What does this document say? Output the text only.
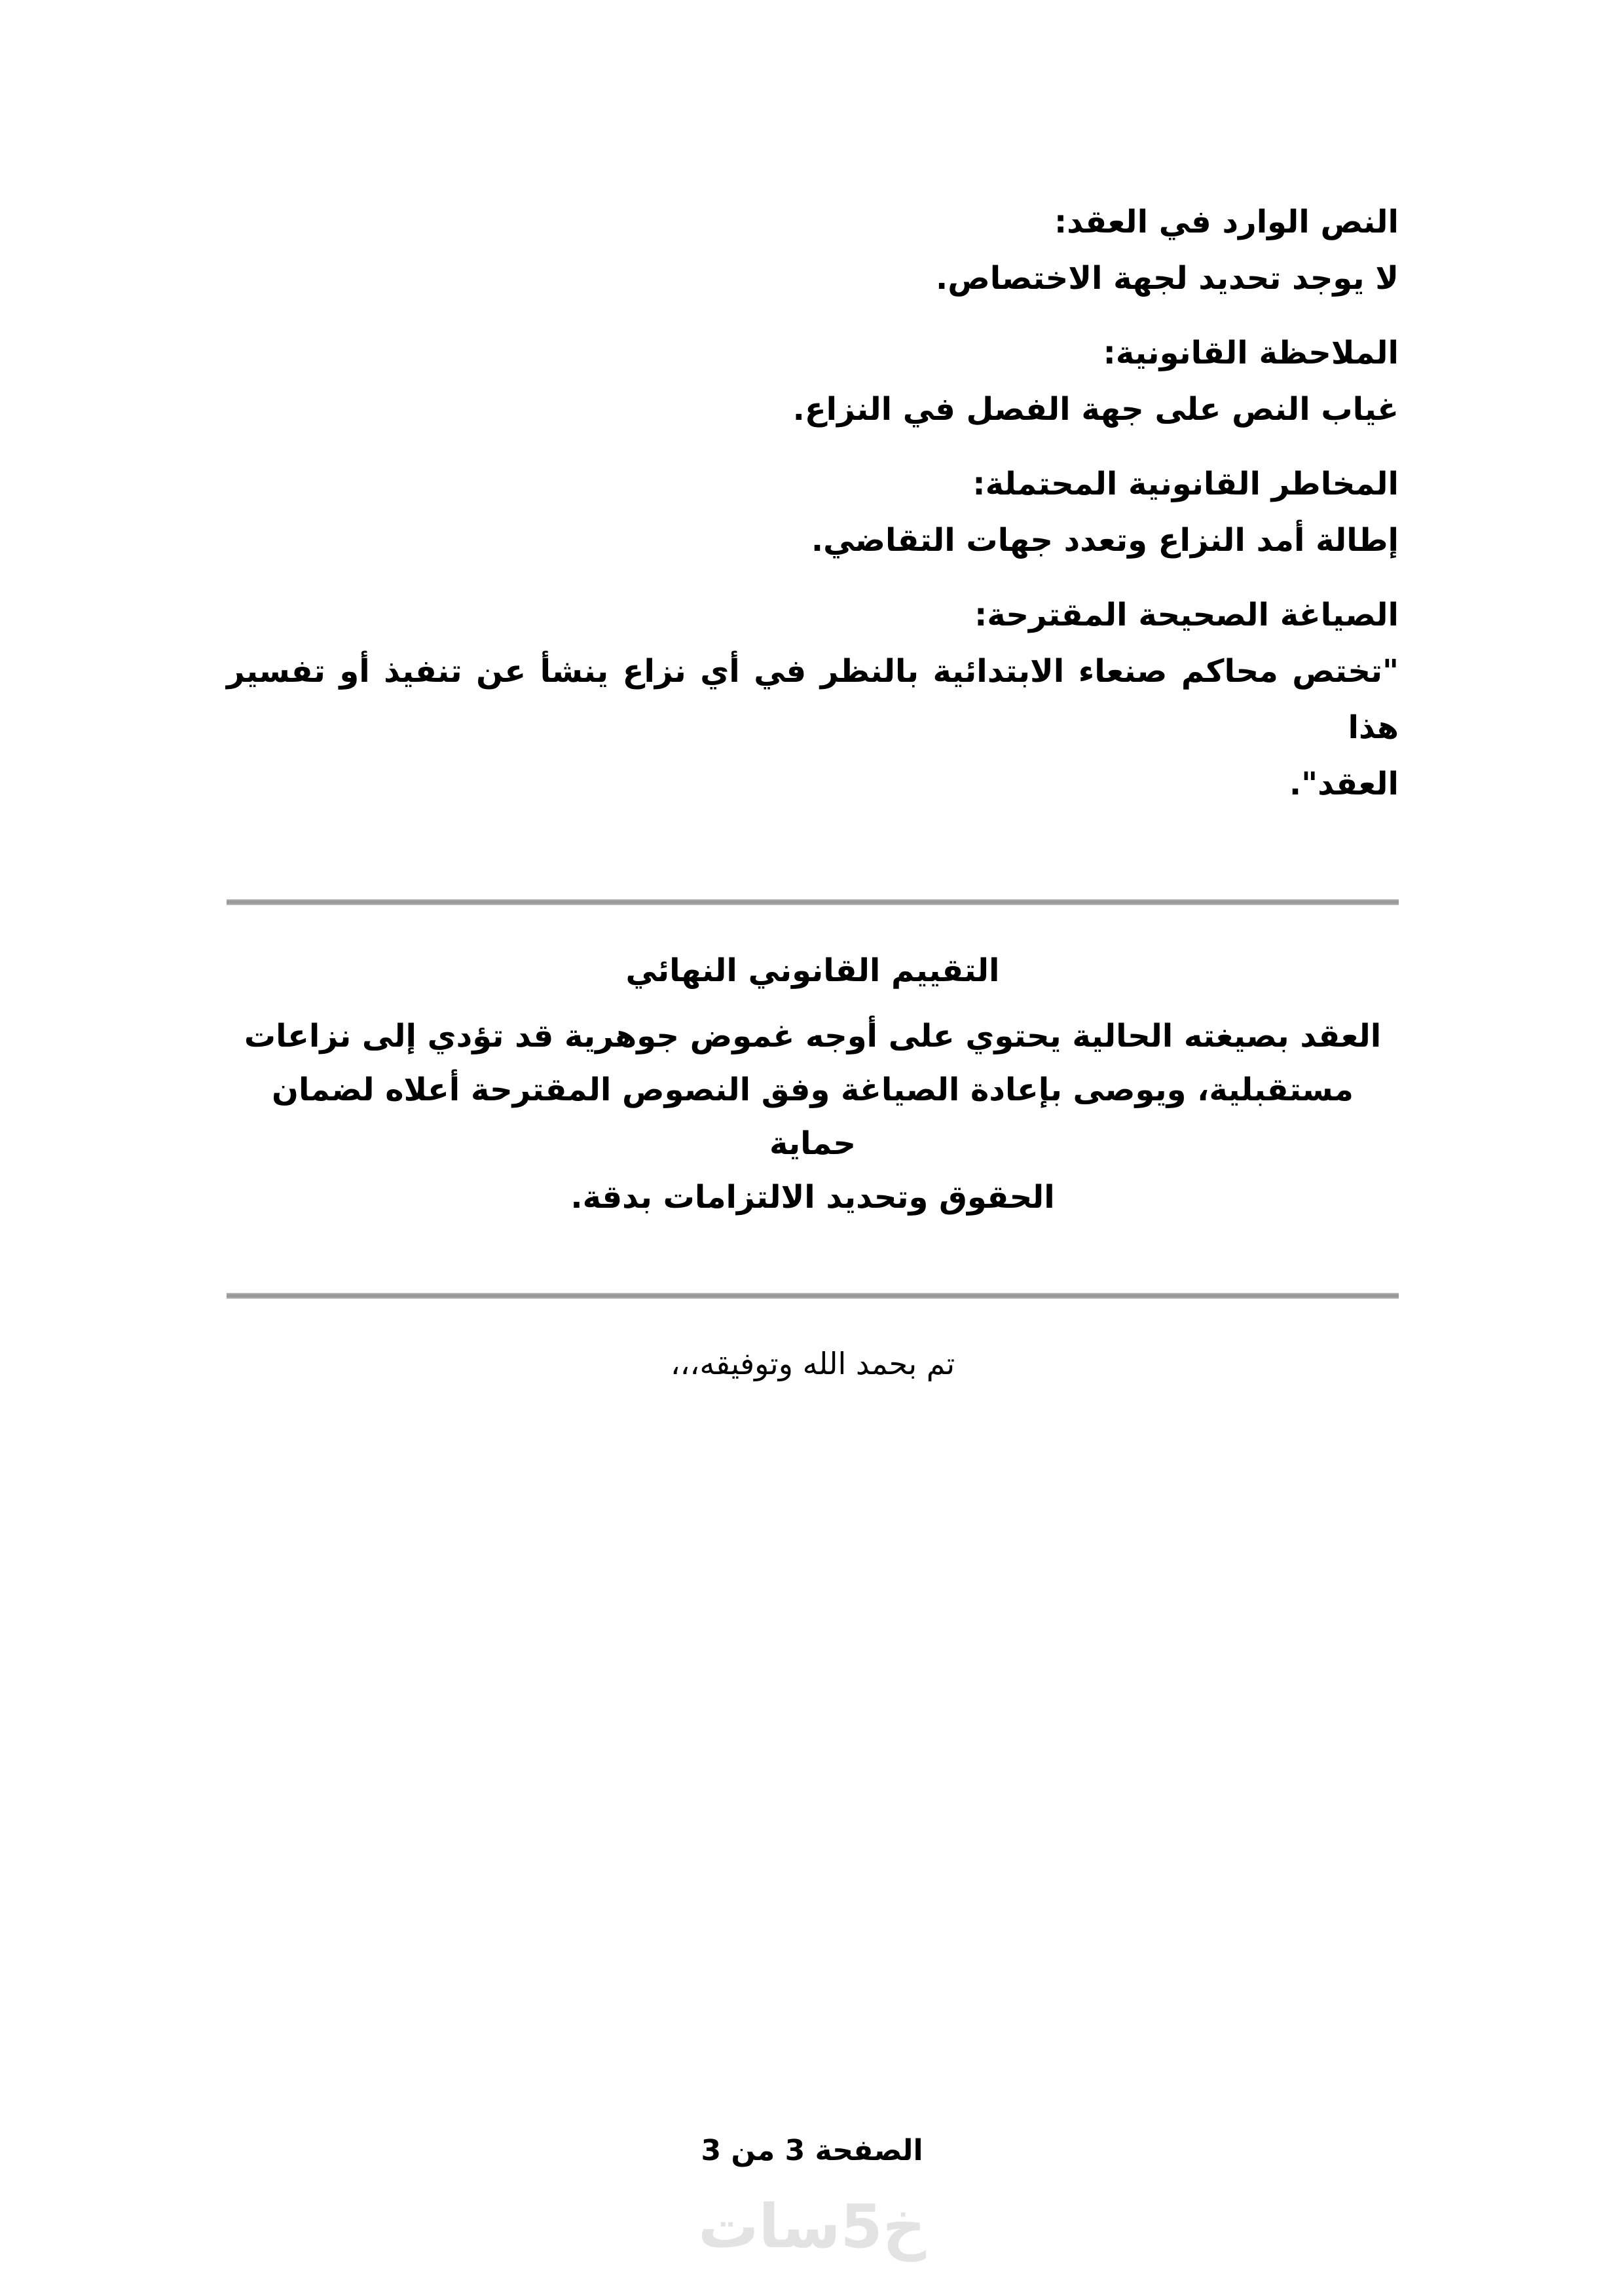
النص الوارد في العقد:
لا يوجد تحديد لجهة الاختصاص.
الملاحظة القانونية:
غياب النص على جهة الفصل في النزاع.
المخاطر القانونية المحتملة:
إطالة أمد النزاع وتعدد جهات التقاضي.
الصياغة الصحيحة المقترحة:
"تختص محاكم صنعاء الابتدائية بالنظر في أي نزاع ينشأ عن تنفيذ أو تفسير هذا
العقد".
التقييم القانوني النهائي
العقد بصيغته الحالية يحتوي على أوجه غموض جوهرية قد تؤدي إلى نزاعات
مستقبلية، ويوصى بإعادة الصياغة وفق النصوص المقترحة أعلاه لضمان حماية
الحقوق وتحديد الالتزامات بدقة.
تم بحمد الله وتوفيقه،،،
الصفحة 3 من 3
خ5سات
